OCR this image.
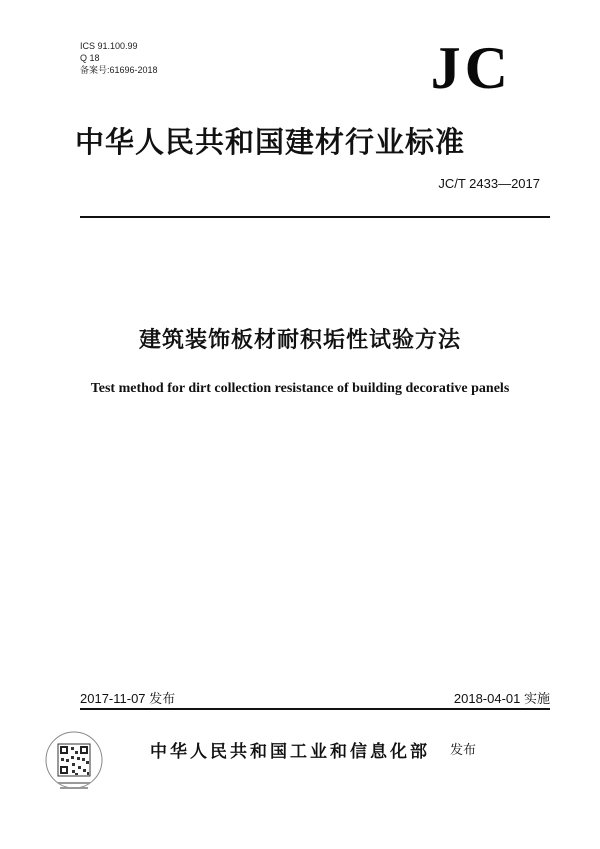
ICS 91.100.99
Q 18
备案号:61696-2018	JC
中华人民共和国建材行业标准
JC/T 2433—2017
建筑装饰板材耐积垢性试验方法
Test method for dirt collection resistance of building decorative panels
2017-11-07 发布	2018-04-01 实施
中华人民共和国工业和信息化部 发布
